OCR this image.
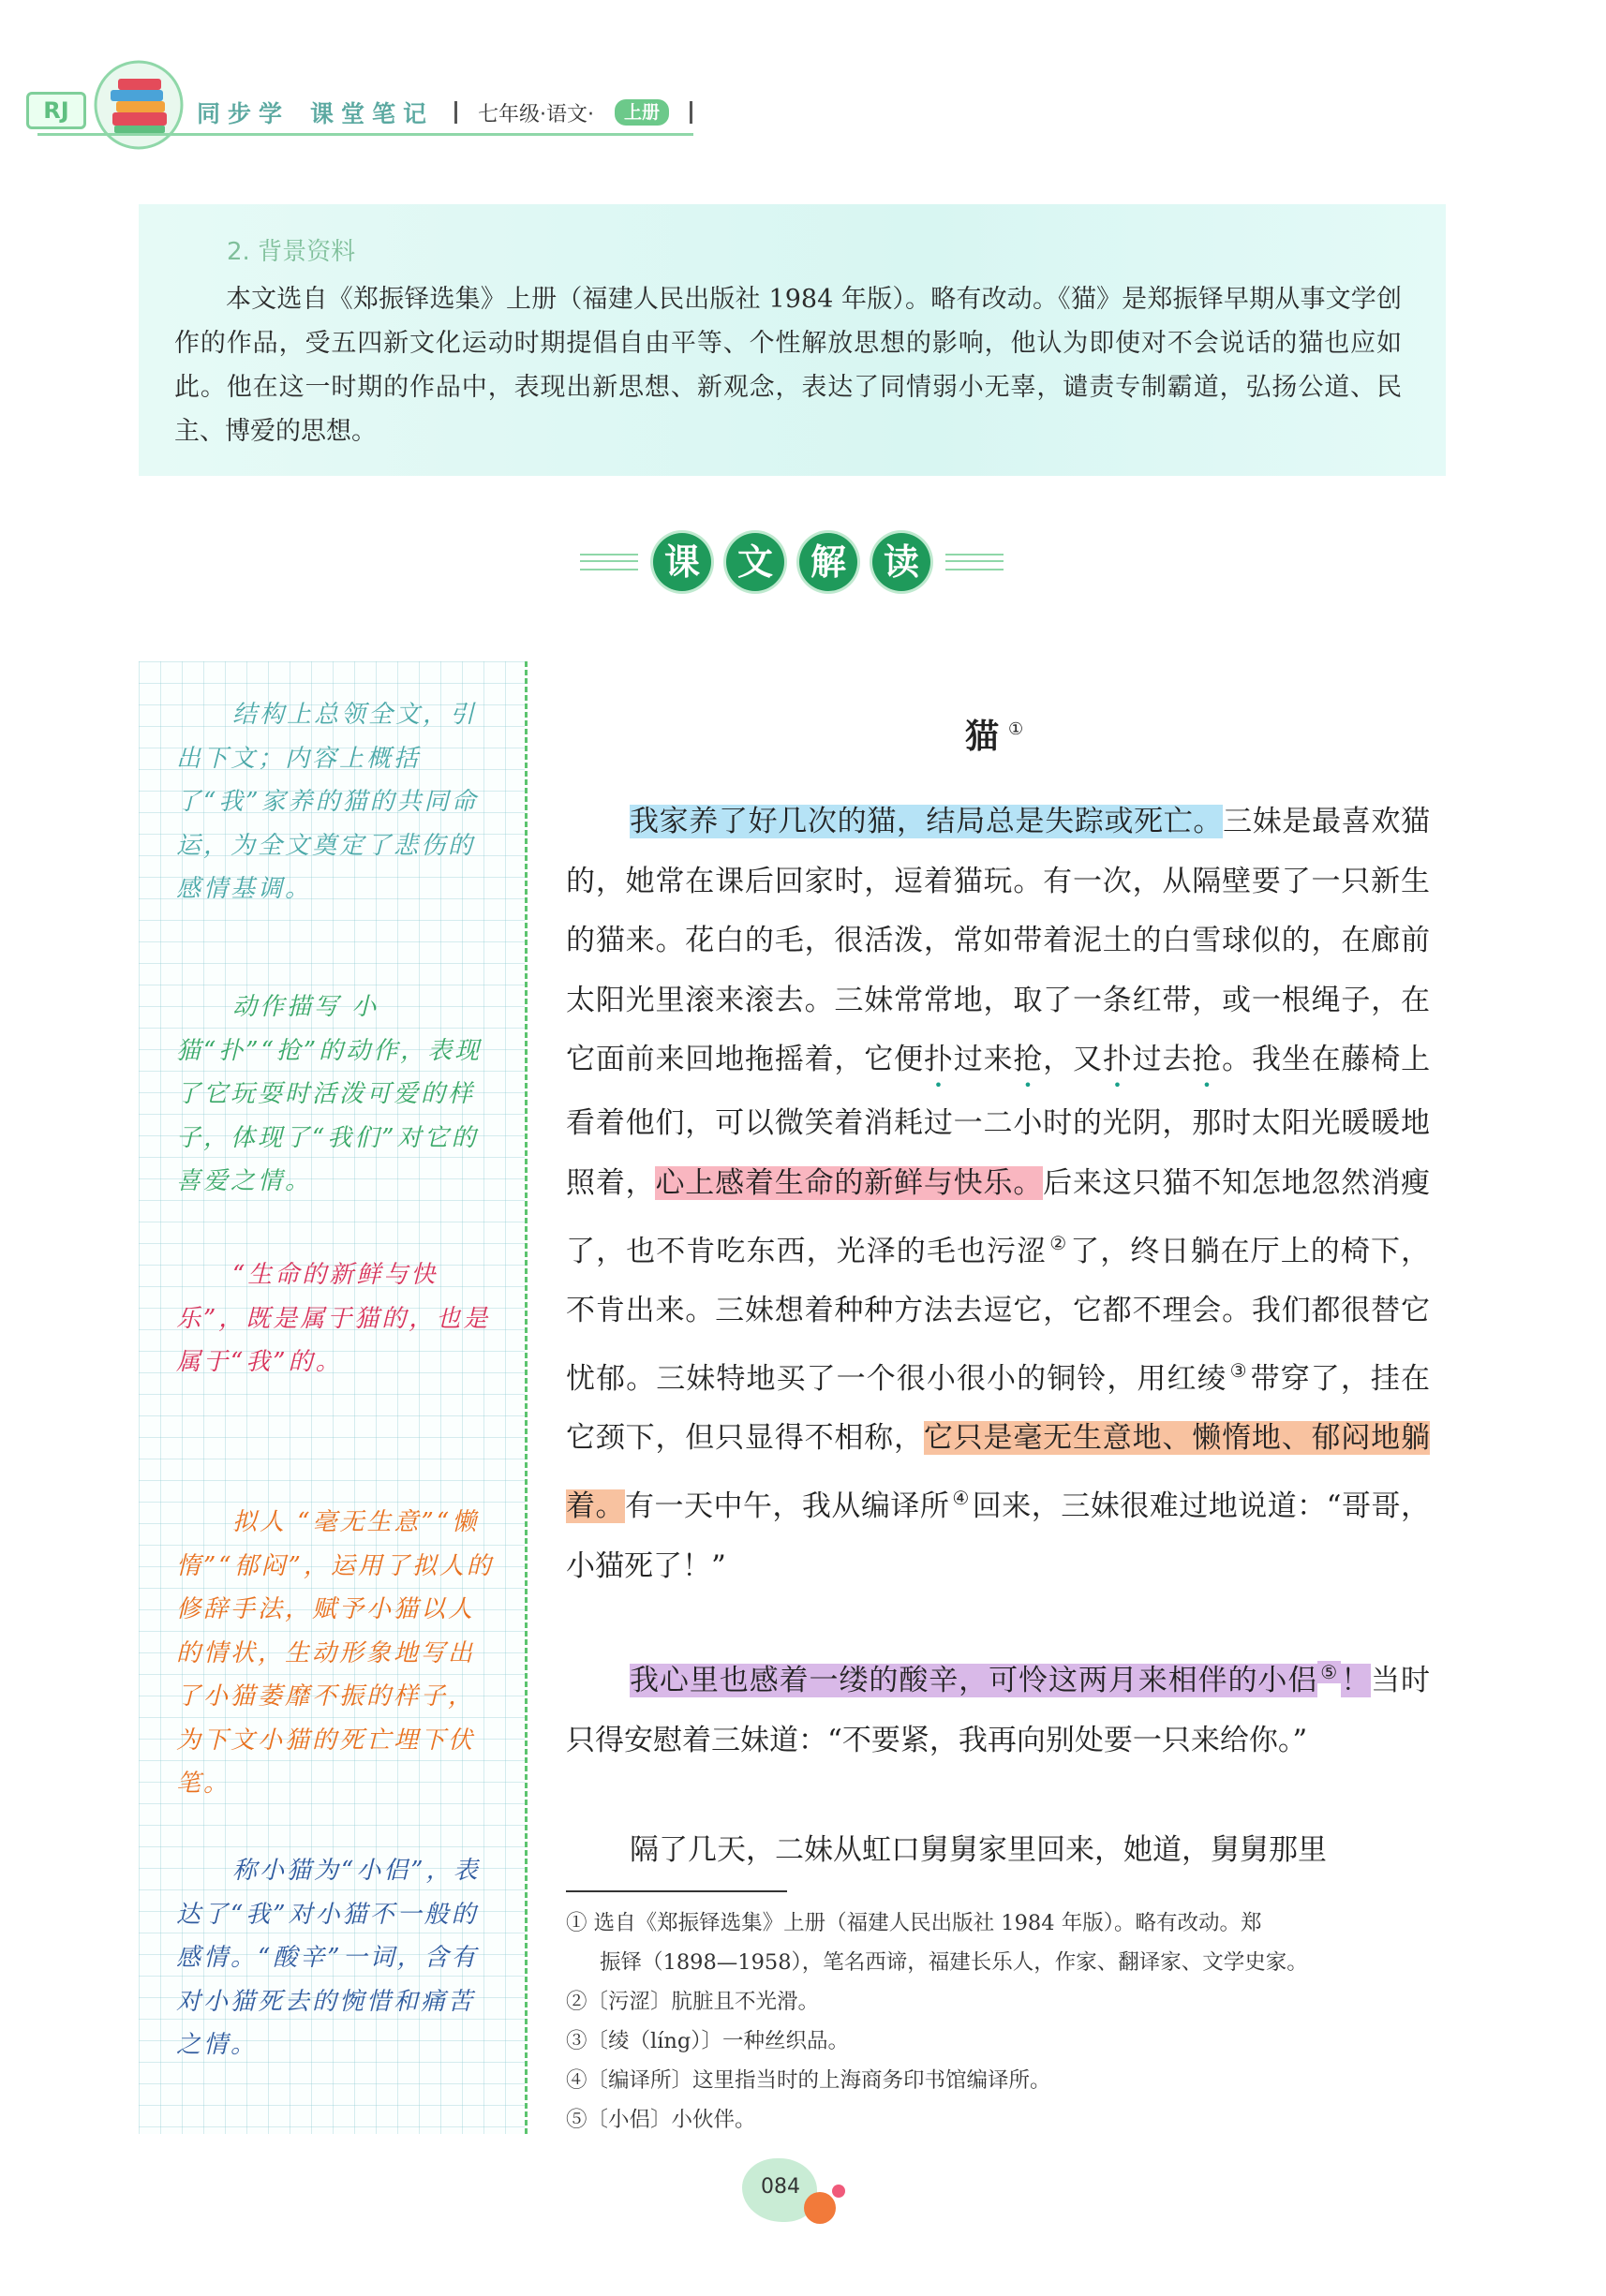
RJ	同步学 课堂笔记 七年级·语文·	上册
2. 背景资料

本文选自《郑振铎选集》上册（福建人民出版社 1984 年版）。略有改动。《猫》是郑振铎早期从事文学创作的作品，受五四新文化运动时期提倡自由平等、个性解放思想的影响，他认为即使对不会说话的猫也应如此。他在这一时期的作品中，表现出新思想、新观念，表达了同情弱小无辜，谴责专制霸道，弘扬公道、民主、博爱的思想。

课	文	解	读

结构上总领全文，引出下文；内容上概括了“我”家养的猫的共同命运，为全文奠定了悲伤的感情基调。

动作描写 小猫“扑”“抢”的动作，表现了它玩耍时活泼可爱的样子，体现了“我们”对它的喜爱之情。

“生命的新鲜与快乐”，既是属于猫的，也是属于“我”的。

拟人 “毫无生意”“懒惰”“郁闷”，运用了拟人的修辞手法，赋予小猫以人的情状，生动形象地写出了小猫萎靡不振的样子，为下文小猫的死亡埋下伏笔。

称小猫为“小侣”，表达了“我”对小猫不一般的感情。“酸辛”一词，含有对小猫死去的惋惜和痛苦之情。

猫 ①

我家养了好几次的猫，结局总是失踪或死亡。三妹是最喜欢猫的，她常在课后回家时，逗着猫玩。有一次，从隔壁要了一只新生的猫来。花白的毛，很活泼，常如带着泥土的白雪球似的，在廊前太阳光里滚来滚去。三妹常常地，取了一条红带，或一根绳子，在它面前来回地拖摇着，它便扑过来抢，又扑过去抢。我坐在藤椅上看着他们，可以微笑着消耗过一二小时的光阴，那时太阳光暖暖地照着，心上感着生命的新鲜与快乐。后来这只猫不知怎地忽然消瘦了，也不肯吃东西，光泽的毛也污涩 ②了，终日躺在厅上的椅下，不肯出来。三妹想着种种方法去逗它，它都不理会。我们都很替它忧郁。三妹特地买了一个很小很小的铜铃，用红绫 ③带穿了，挂在它颈下，但只显得不相称，它只是毫无生意地、懒惰地、郁闷地躺着。有一天中午，我从编译所 ④回来，三妹很难过地说道：“哥哥，小猫死了！”

我心里也感着一缕的酸辛，可怜这两月来相伴的小侣 ⑤！当时只得安慰着三妹道：“不要紧，我再向别处要一只来给你。”

隔了几天，二妹从虹口舅舅家里回来，她道，舅舅那里

① 选自《郑振铎选集》上册（福建人民出版社 1984 年版）。略有改动。郑

振铎（1898—1958），笔名西谛，福建长乐人，作家、翻译家、文学史家。

②〔污涩〕肮脏且不光滑。

③〔绫（líng）〕一种丝织品。

④〔编译所〕这里指当时的上海商务印书馆编译所。

⑤〔小侣〕小伙伴。

084
